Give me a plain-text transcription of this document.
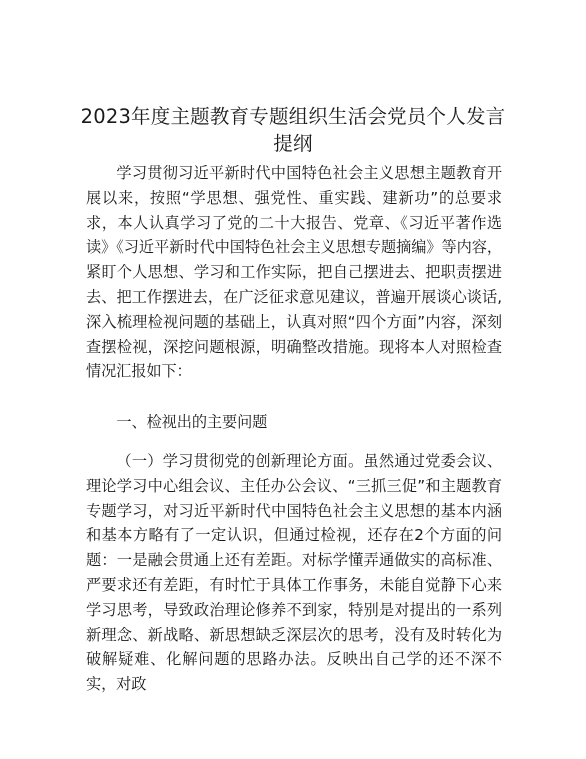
2023年度主题教育专题组织生活会党员个人发言提纲

学习贯彻习近平新时代中国特色社会主义思想主题教育开展以来，按照“学思想、强党性、重实践、建新功”的总要求求，本人认真学习了党的二十大报告、党章、《习近平著作选读》《习近平新时代中国特色社会主义思想专题摘编》等内容，紧盯个人思想、学习和工作实际，把自己摆进去、把职责摆进去、把工作摆进去，在广泛征求意见建议，普遍开展谈心谈话,深入梳理检视问题的基础上，认真对照“四个方面”内容，深刻查摆检视，深挖问题根源，明确整改措施。现将本人对照检查情况汇报如下：

一、检视出的主要问题

（一）学习贯彻党的创新理论方面。虽然通过党委会议、理论学习中心组会议、主任办公会议、“三抓三促”和主题教育专题学习，对习近平新时代中国特色社会主义思想的基本内涵和基本方略有了一定认识，但通过检视，还存在2个方面的问题：一是融会贯通上还有差距。对标学懂弄通做实的高标准、严要求还有差距，有时忙于具体工作事务，未能自觉静下心来学习思考，导致政治理论修养不到家，特别是对提出的一系列新理念、新战略、新思想缺乏深层次的思考，没有及时转化为破解疑难、化解问题的思路办法。反映出自己学的还不深不实，对政
